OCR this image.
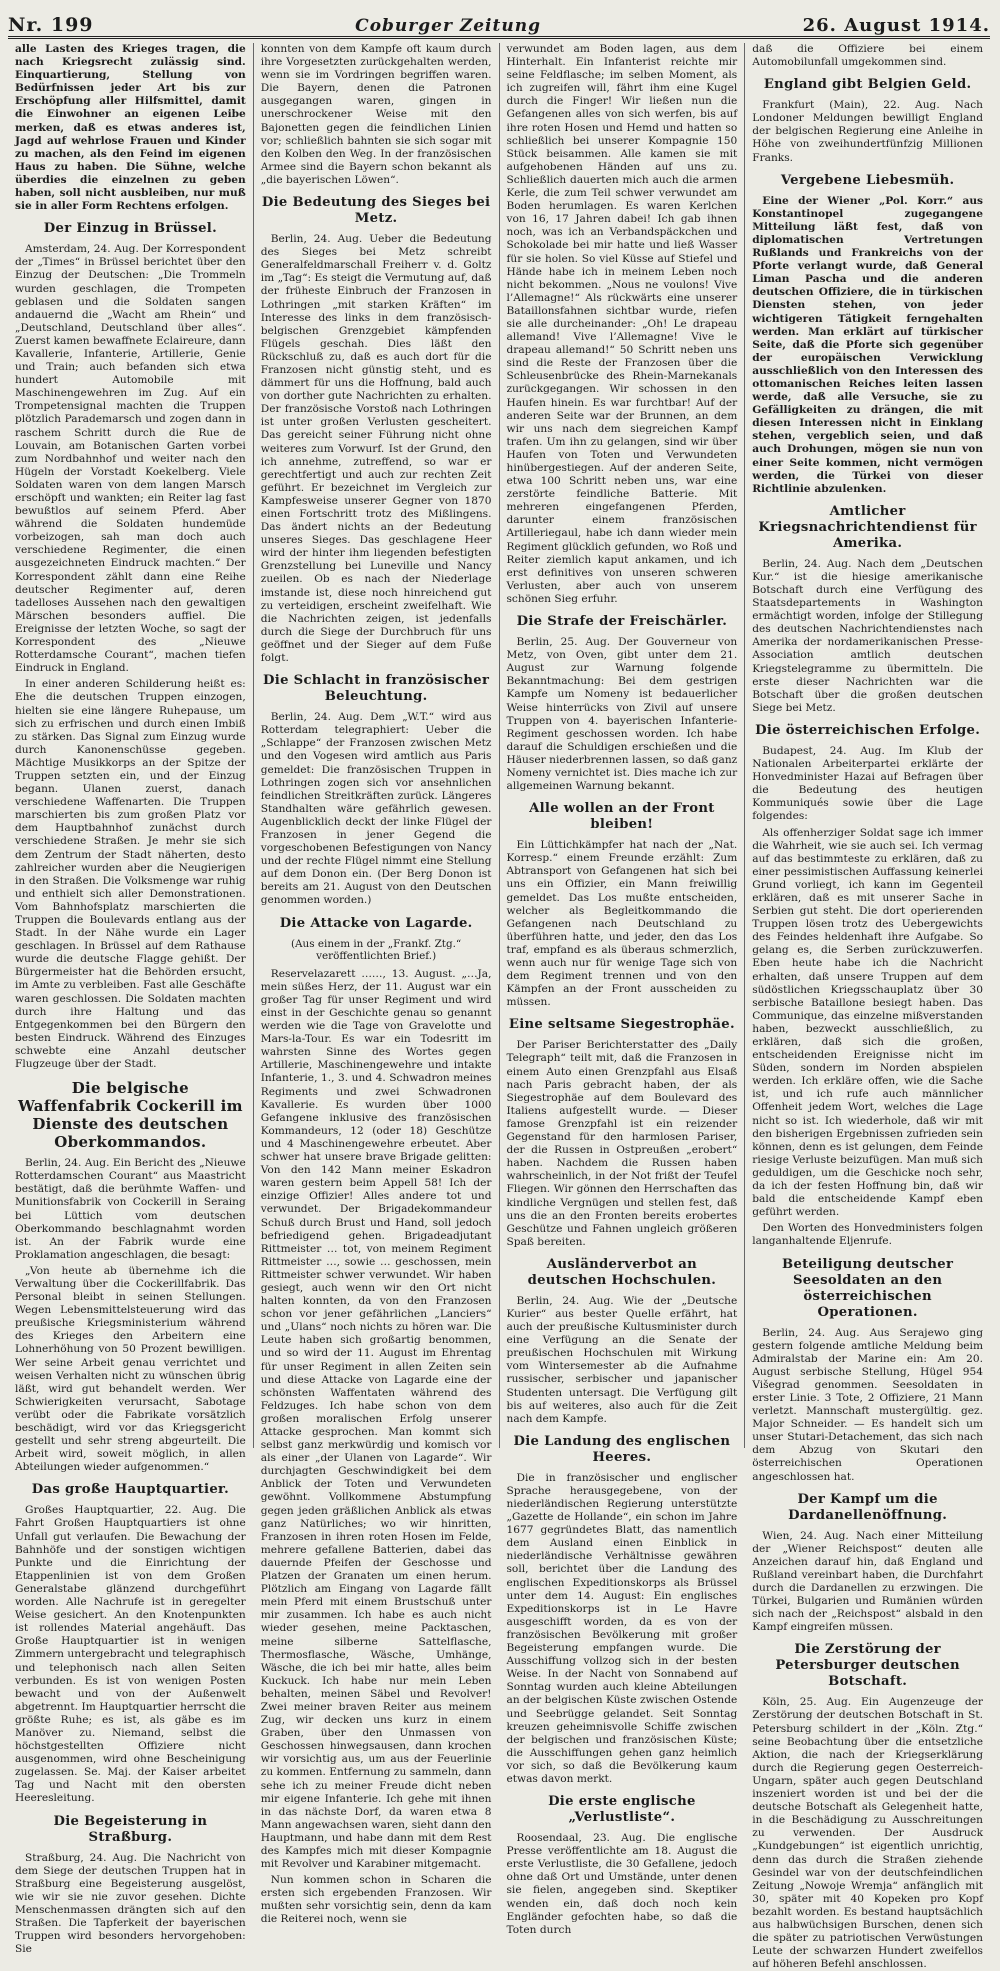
Nr. 199	Coburger Zeitung	26. August 1914.

alle Lasten des Krieges tragen, die nach Kriegsrecht zulässig sind. Einquartierung, Stellung von Bedürfnissen jeder Art bis zur Erschöpfung aller Hilfsmittel, damit die Einwohner an eigenen Leibe merken, daß es etwas anderes ist, Jagd auf wehrlose Frauen und Kinder zu machen, als den Feind im eigenen Haus zu haben. Die Sühne, welche überdies die einzelnen zu geben haben, soll nicht ausbleiben, nur muß sie in aller Form Rechtens erfolgen.

Der Einzug in Brüssel.

Amsterdam, 24. Aug. Der Korrespondent der „Times“ in Brüssel berichtet über den Einzug der Deutschen: „Die Trommeln wurden geschlagen, die Trompeten geblasen und die Soldaten sangen andauernd die „Wacht am Rhein“ und „Deutschland, Deutschland über alles“. Zuerst kamen bewaffnete Eclaireure, dann Kavallerie, Infanterie, Artillerie, Genie und Train; auch befanden sich etwa hundert Automobile mit Maschinengewehren im Zug. Auf ein Trompetensignal machten die Truppen plötzlich Parademarsch und zogen dann in raschem Schritt durch die Rue de Louvain, am Botanischen Garten vorbei zum Nordbahnhof und weiter nach den Hügeln der Vorstadt Koekelberg. Viele Soldaten waren von dem langen Marsch erschöpft und wankten; ein Reiter lag fast bewußtlos auf seinem Pferd. Aber während die Soldaten hundemüde vorbeizogen, sah man doch auch verschiedene Regimenter, die einen ausgezeichneten Eindruck machten.“ Der Korrespondent zählt dann eine Reihe deutscher Regimenter auf, deren tadelloses Aussehen nach den gewaltigen Märschen besonders auffiel. Die Ereignisse der letzten Woche, so sagt der Korrespondent des „Nieuwe Rotterdamsche Courant“, machen tiefen Eindruck in England.

In einer anderen Schilderung heißt es: Ehe die deutschen Truppen einzogen, hielten sie eine längere Ruhepause, um sich zu erfrischen und durch einen Imbiß zu stärken. Das Signal zum Einzug wurde durch Kanonenschüsse gegeben. Mächtige Musikkorps an der Spitze der Truppen setzten ein, und der Einzug begann. Ulanen zuerst, danach verschiedene Waffenarten. Die Truppen marschierten bis zum großen Platz vor dem Hauptbahnhof zunächst durch verschiedene Straßen. Je mehr sie sich dem Zentrum der Stadt näherten, desto zahlreicher wurden aber die Neugierigen in den Straßen. Die Volksmenge war ruhig und enthielt sich aller Demonstrationen. Vom Bahnhofsplatz marschierten die Truppen die Boulevards entlang aus der Stadt. In der Nähe wurde ein Lager geschlagen. In Brüssel auf dem Rathause wurde die deutsche Flagge gehißt. Der Bürgermeister hat die Behörden ersucht, im Amte zu verbleiben. Fast alle Geschäfte waren geschlossen. Die Soldaten machten durch ihre Haltung und das Entgegenkommen bei den Bürgern den besten Eindruck. Während des Einzuges schwebte eine Anzahl deutscher Flugzeuge über der Stadt.

Die belgische Waffenfabrik Cockerill im Dienste des deutschen Oberkommandos.

Berlin, 24. Aug. Ein Bericht des „Nieuwe Rotterdamschen Courant“ aus Maastricht bestätigt, daß die berühmte Waffen- und Munitionsfabrik von Cockerill in Seraing bei Lüttich vom deutschen Oberkommando beschlagnahmt worden ist. An der Fabrik wurde eine Proklamation angeschlagen, die besagt:

„Von heute ab übernehme ich die Verwaltung über die Cockerillfabrik. Das Personal bleibt in seinen Stellungen. Wegen Lebensmittelsteuerung wird das preußische Kriegsministerium während des Krieges den Arbeitern eine Lohnerhöhung von 50 Prozent bewilligen. Wer seine Arbeit genau verrichtet und weisen Verhalten nicht zu wünschen übrig läßt, wird gut behandelt werden. Wer Schwierigkeiten verursacht, Sabotage verübt oder die Fabrikate vorsätzlich beschädigt, wird vor das Kriegsgericht gestellt und sehr streng abgeurteilt. Die Arbeit wird, soweit möglich, in allen Abteilungen wieder aufgenommen.“

Das große Hauptquartier.

Großes Hauptquartier, 22. Aug. Die Fahrt Großen Hauptquartiers ist ohne Unfall gut verlaufen. Die Bewachung der Bahnhöfe und der sonstigen wichtigen Punkte und die Einrichtung der Etappenlinien ist von dem Großen Generalstabe glänzend durchgeführt worden. Alle Nachrufe ist in geregelter Weise gesichert. An den Knotenpunkten ist rollendes Material angehäuft. Das Große Hauptquartier ist in wenigen Zimmern untergebracht und telegraphisch und telephonisch nach allen Seiten verbunden. Es ist von wenigen Posten bewacht und von der Außenwelt abgetrennt. Im Hauptquartier herrscht die größte Ruhe; es ist, als gäbe es im Manöver zu. Niemand, selbst die höchstgestellten Offiziere nicht ausgenommen, wird ohne Bescheinigung zugelassen. Se. Maj. der Kaiser arbeitet Tag und Nacht mit den obersten Heeresleitung.

Die Begeisterung in Straßburg.

Straßburg, 24. Aug. Die Nachricht von dem Siege der deutschen Truppen hat in Straßburg eine Begeisterung ausgelöst, wie wir sie nie zuvor gesehen. Dichte Menschenmassen drängten sich auf den Straßen. Die Tapferkeit der bayerischen Truppen wird besonders hervorgehoben: Sie

konnten von dem Kampfe oft kaum durch ihre Vorgesetzten zurückgehalten werden, wenn sie im Vordringen begriffen waren. Die Bayern, denen die Patronen ausgegangen waren, gingen in unerschrockener Weise mit den Bajonetten gegen die feindlichen Linien vor; schließlich bahnten sie sich sogar mit den Kolben den Weg. In der französischen Armee sind die Bayern schon bekannt als „die bayerischen Löwen“.

Die Bedeutung des Sieges bei Metz.

Berlin, 24. Aug. Ueber die Bedeutung des Sieges bei Metz schreibt Generalfeldmarschall Freiherr v. d. Goltz im „Tag“: Es steigt die Vermutung auf, daß der früheste Einbruch der Franzosen in Lothringen „mit starken Kräften“ im Interesse des links in dem französisch-belgischen Grenzgebiet kämpfenden Flügels geschah. Dies läßt den Rückschluß zu, daß es auch dort für die Franzosen nicht günstig steht, und es dämmert für uns die Hoffnung, bald auch von dorther gute Nachrichten zu erhalten. Der französische Vorstoß nach Lothringen ist unter großen Verlusten gescheitert. Das gereicht seiner Führung nicht ohne weiteres zum Vorwurf. Ist der Grund, den ich annehme, zutreffend, so war er gerechtfertigt und auch zur rechten Zeit geführt. Er bezeichnet im Vergleich zur Kampfesweise unserer Gegner von 1870 einen Fortschritt trotz des Mißlingens. Das ändert nichts an der Bedeutung unseres Sieges. Das geschlagene Heer wird der hinter ihm liegenden befestigten Grenzstellung bei Luneville und Nancy zueilen. Ob es nach der Niederlage imstande ist, diese noch hinreichend gut zu verteidigen, erscheint zweifelhaft. Wie die Nachrichten zeigen, ist jedenfalls durch die Siege der Durchbruch für uns geöffnet und der Sieger auf dem Fuße folgt.

Die Schlacht in französischer Beleuchtung.

Berlin, 24. Aug. Dem „W.T.“ wird aus Rotterdam telegraphiert: Ueber die „Schlappe“ der Franzosen zwischen Metz und den Vogesen wird amtlich aus Paris gemeldet: Die französischen Truppen in Lothringen zogen sich vor ansehnlichen feindlichen Streitkräften zurück. Längeres Standhalten wäre gefährlich gewesen. Augenblicklich deckt der linke Flügel der Franzosen in jener Gegend die vorgeschobenen Befestigungen von Nancy und der rechte Flügel nimmt eine Stellung auf dem Donon ein. (Der Berg Donon ist bereits am 21. August von den Deutschen genommen worden.)

Die Attacke von Lagarde.
(Aus einem in der „Frankf. Ztg.“ veröffentlichten Brief.)

Reservelazarett ……, 13. August. „…Ja, mein süßes Herz, der 11. August war ein großer Tag für unser Regiment und wird einst in der Geschichte genau so genannt werden wie die Tage von Gravelotte und Mars-la-Tour. Es war ein Todesritt im wahrsten Sinne des Wortes gegen Artillerie, Maschinengewehre und intakte Infanterie, 1., 3. und 4. Schwadron meines Regiments und zwei Schwadronen Kavallerie. Es wurden über 1000 Gefangene inklusive des französischen Kommandeurs, 12 (oder 18) Geschütze und 4 Maschinengewehre erbeutet. Aber schwer hat unsere brave Brigade gelitten: Von den 142 Mann meiner Eskadron waren gestern beim Appell 58! Ich der einzige Offizier! Alles andere tot und verwundet. Der Brigadekommandeur Schuß durch Brust und Hand, soll jedoch befriedigend gehen. Brigadeadjutant Rittmeister … tot, von meinem Regiment Rittmeister …, sowie … geschossen, mein Rittmeister schwer verwundet. Wir haben gesiegt, auch wenn wir den Ort nicht halten konnten, da von den Franzosen schon vor jener gefährlichen „Lanciers“ und „Ulans“ noch nichts zu hören war. Die Leute haben sich großartig benommen, und so wird der 11. August im Ehrentag für unser Regiment in allen Zeiten sein und diese Attacke von Lagarde eine der schönsten Waffentaten während des Feldzuges. Ich habe schon von dem großen moralischen Erfolg unserer Attacke gesprochen. Man kommt sich selbst ganz merkwürdig und komisch vor als einer „der Ulanen von Lagarde“. Wir durchjagten Geschwindigkeit bei dem Anblick der Toten und Verwundeten gewöhnt. Vollkommene Abstumpfung gegen jeden gräßlichen Anblick als etwas ganz Natürliches; wo wir hinritten, Franzosen in ihren roten Hosen im Felde, mehrere gefallene Batterien, dabei das dauernde Pfeifen der Geschosse und Platzen der Granaten um einen herum. Plötzlich am Eingang von Lagarde fällt mein Pferd mit einem Brustschuß unter mir zusammen. Ich habe es auch nicht wieder gesehen, meine Packtaschen, meine silberne Sattelflasche, Thermosflasche, Wäsche, Umhänge, Wäsche, die ich bei mir hatte, alles beim Kuckuck. Ich habe nur mein Leben behalten, meinen Säbel und Revolver! Zwei meiner braven Reiter aus meinem Zug, wir decken uns kurz in einem Graben, über den Unmassen von Geschossen hinwegsausen, dann krochen wir vorsichtig aus, um aus der Feuerlinie zu kommen. Entfernung zu sammeln, dann sehe ich zu meiner Freude dicht neben mir eigene Infanterie. Ich gehe mit ihnen in das nächste Dorf, da waren etwa 8 Mann angewachsen waren, sieht dann den Hauptmann, und habe dann mit dem Rest des Kampfes mich mit dieser Kompagnie mit Revolver und Karabiner mitgemacht.

Nun kommen schon in Scharen die ersten sich ergebenden Franzosen. Wir mußten sehr vorsichtig sein, denn da kam die Reiterei noch, wenn sie

verwundet am Boden lagen, aus dem Hinterhalt. Ein Infanterist reichte mir seine Feldflasche; im selben Moment, als ich zugreifen will, fährt ihm eine Kugel durch die Finger! Wir ließen nun die Gefangenen alles von sich werfen, bis auf ihre roten Hosen und Hemd und hatten so schließlich bei unserer Kompagnie 150 Stück beisammen. Alle kamen sie mit aufgehobenen Händen auf uns zu. Schließlich dauerten mich auch die armen Kerle, die zum Teil schwer verwundet am Boden herumlagen. Es waren Kerlchen von 16, 17 Jahren dabei! Ich gab ihnen noch, was ich an Verbandspäckchen und Schokolade bei mir hatte und ließ Wasser für sie holen. So viel Küsse auf Stiefel und Hände habe ich in meinem Leben noch nicht bekommen. „Nous ne voulons! Vive l’Allemagne!“ Als rückwärts eine unserer Bataillonsfahnen sichtbar wurde, riefen sie alle durcheinander: „Oh! Le drapeau allemand! Vive l’Allemagne! Vive le drapeau allemand!“ 50 Schritt neben uns sind die Reste der Franzosen über die Schleusenbrücke des Rhein-Marnekanals zurückgegangen. Wir schossen in den Haufen hinein. Es war furchtbar! Auf der anderen Seite war der Brunnen, an dem wir uns nach dem siegreichen Kampf trafen. Um ihn zu gelangen, sind wir über Haufen von Toten und Verwundeten hinübergestiegen. Auf der anderen Seite, etwa 100 Schritt neben uns, war eine zerstörte feindliche Batterie. Mit mehreren eingefangenen Pferden, darunter einem französischen Artilleriegaul, habe ich dann wieder mein Regiment glücklich gefunden, wo Roß und Reiter ziemlich kaput ankamen, und ich erst definitives von unseren schweren Verlusten, aber auch von unserem schönen Sieg erfuhr.

Die Strafe der Freischärler.

Berlin, 25. Aug. Der Gouverneur von Metz, von Oven, gibt unter dem 21. August zur Warnung folgende Bekanntmachung: Bei dem gestrigen Kampfe um Nomeny ist bedauerlicher Weise hinterrücks von Zivil auf unsere Truppen von 4. bayerischen Infanterie-Regiment geschossen worden. Ich habe darauf die Schuldigen erschießen und die Häuser niederbrennen lassen, so daß ganz Nomeny vernichtet ist. Dies mache ich zur allgemeinen Warnung bekannt.

Alle wollen an der Front bleiben!

Ein Lüttichkämpfer hat nach der „Nat. Korresp.“ einem Freunde erzählt: Zum Abtransport von Gefangenen hat sich bei uns ein Offizier, ein Mann freiwillig gemeldet. Das Los mußte entscheiden, welcher als Begleitkommando die Gefangenen nach Deutschland zu überführen hatte, und jeder, den das Los traf, empfand es als überaus schmerzlich, wenn auch nur für wenige Tage sich von dem Regiment trennen und von den Kämpfen an der Front ausscheiden zu müssen.

Eine seltsame Siegestrophäe.

Der Pariser Berichterstatter des „Daily Telegraph“ teilt mit, daß die Franzosen in einem Auto einen Grenzpfahl aus Elsaß nach Paris gebracht haben, der als Siegestrophäe auf dem Boulevard des Italiens aufgestellt wurde. — Dieser famose Grenzpfahl ist ein reizender Gegenstand für den harmlosen Pariser, der die Russen in Ostpreußen „erobert“ haben. Nachdem die Russen haben wahrscheinlich, in der Not frißt der Teufel Fliegen. Wir gönnen den Herrschaften das kindliche Vergnügen und stellen fest, daß uns die an den Fronten bereits erobertes Geschütze und Fahnen ungleich größeren Spaß bereiten.

Ausländerverbot an deutschen Hochschulen.

Berlin, 24. Aug. Wie der „Deutsche Kurier“ aus bester Quelle erfährt, hat auch der preußische Kultusminister durch eine Verfügung an die Senate der preußischen Hochschulen mit Wirkung vom Wintersemester ab die Aufnahme russischer, serbischer und japanischer Studenten untersagt. Die Verfügung gilt bis auf weiteres, also auch für die Zeit nach dem Kampfe.

Die Landung des englischen Heeres.

Die in französischer und englischer Sprache herausgegebene, von der niederländischen Regierung unterstützte „Gazette de Hollande“, ein schon im Jahre 1677 gegründetes Blatt, das namentlich dem Ausland einen Einblick in niederländische Verhältnisse gewähren soll, berichtet über die Landung des englischen Expeditionskorps als Brüssel unter dem 14. August: Ein englisches Expeditionskorps ist in Le Havre ausgeschifft worden, da es von der französischen Bevölkerung mit großer Begeisterung empfangen wurde. Die Ausschiffung vollzog sich in der besten Weise. In der Nacht von Sonnabend auf Sonntag wurden auch kleine Abteilungen an der belgischen Küste zwischen Ostende und Seebrügge gelandet. Seit Sonntag kreuzen geheimnisvolle Schiffe zwischen der belgischen und französischen Küste; die Ausschiffungen gehen ganz heimlich vor sich, so daß die Bevölkerung kaum etwas davon merkt.

Die erste englische „Verlustliste“.

Roosendaal, 23. Aug. Die englische Presse veröffentlichte am 18. August die erste Verlustliste, die 30 Gefallene, jedoch ohne daß Ort und Umstände, unter denen sie fielen, angegeben sind. Skeptiker wenden ein, daß doch noch kein Engländer gefochten habe, so daß die Toten durch

daß die Offiziere bei einem Automobilunfall umgekommen sind.

England gibt Belgien Geld.

Frankfurt (Main), 22. Aug. Nach Londoner Meldungen bewilligt England der belgischen Regierung eine Anleihe in Höhe von zweihundertfünfzig Millionen Franks.

Vergebene Liebesmüh.

Eine der Wiener „Pol. Korr.“ aus Konstantinopel zugegangene Mitteilung läßt fest, daß von diplomatischen Vertretungen Rußlands und Frankreichs von der Pforte verlangt wurde, daß General Liman Pascha und die anderen deutschen Offiziere, die in türkischen Diensten stehen, von jeder wichtigeren Tätigkeit ferngehalten werden. Man erklärt auf türkischer Seite, daß die Pforte sich gegenüber der europäischen Verwicklung ausschließlich von den Interessen des ottomanischen Reiches leiten lassen werde, daß alle Versuche, sie zu Gefälligkeiten zu drängen, die mit diesen Interessen nicht in Einklang stehen, vergeblich seien, und daß auch Drohungen, mögen sie nun von einer Seite kommen, nicht vermögen werden, die Türkei von dieser Richtlinie abzulenken.

Amtlicher Kriegsnachrichtendienst für Amerika.

Berlin, 24. Aug. Nach dem „Deutschen Kur.“ ist die hiesige amerikanische Botschaft durch eine Verfügung des Staatsdepartements in Washington ermächtigt worden, infolge der Stillegung des deutschen Nachrichtendienstes nach Amerika der nordamerikanischen Presse-Association amtlich deutschen Kriegstelegramme zu übermitteln. Die erste dieser Nachrichten war die Botschaft über die großen deutschen Siege bei Metz.

Die österreichischen Erfolge.

Budapest, 24. Aug. Im Klub der Nationalen Arbeiterpartei erklärte der Honvedminister Hazai auf Befragen über die Bedeutung des heutigen Kommuniqués sowie über die Lage folgendes:

Als offenherziger Soldat sage ich immer die Wahrheit, wie sie auch sei. Ich vermag auf das bestimmteste zu erklären, daß zu einer pessimistischen Auffassung keinerlei Grund vorliegt, ich kann im Gegenteil erklären, daß es mit unserer Sache in Serbien gut steht. Die dort operierenden Truppen lösen trotz des Uebergewichts des Feindes heldenhaft ihre Aufgabe. So gelang es, die Serben zurückzuwerfen. Eben heute habe ich die Nachricht erhalten, daß unsere Truppen auf dem südöstlichen Kriegsschauplatz über 30 serbische Bataillone besiegt haben. Das Communique, das einzelne mißverstanden haben, bezweckt ausschließlich, zu erklären, daß sich die großen, entscheidenden Ereignisse nicht im Süden, sondern im Norden abspielen werden. Ich erkläre offen, wie die Sache ist, und ich rufe auch männlicher Offenheit jedem Wort, welches die Lage nicht so ist. Ich wiederhole, daß wir mit den bisherigen Ergebnissen zufrieden sein können, denn es ist gelungen, dem Feinde riesige Verluste beizufügen. Man muß sich geduldigen, um die Geschicke noch sehr, da ich der festen Hoffnung bin, daß wir bald die entscheidende Kampf eben geführt werden.

Den Worten des Honvedministers folgen langanhaltende Eljenrufe.

Beteiligung deutscher Seesoldaten an den österreichischen Operationen.

Berlin, 24. Aug. Aus Serajewo ging gestern folgende amtliche Meldung beim Admiralstab der Marine ein: Am 20. August serbische Stellung, Hügel 954 Višegrad genommen. Seesoldaten in erster Linie. 3 Tote, 2 Offiziere, 21 Mann verletzt. Mannschaft mustergültig. gez. Major Schneider. — Es handelt sich um unser Stutari-Detachement, das sich nach dem Abzug von Skutari den österreichischen Operationen angeschlossen hat.

Der Kampf um die Dardanellenöffnung.

Wien, 24. Aug. Nach einer Mitteilung der „Wiener Reichspost“ deuten alle Anzeichen darauf hin, daß England und Rußland vereinbart haben, die Durchfahrt durch die Dardanellen zu erzwingen. Die Türkei, Bulgarien und Rumänien würden sich nach der „Reichspost“ alsbald in den Kampf eingreifen müssen.

Die Zerstörung der Petersburger deutschen Botschaft.

Köln, 25. Aug. Ein Augenzeuge der Zerstörung der deutschen Botschaft in St. Petersburg schildert in der „Köln. Ztg.“ seine Beobachtung über die entsetzliche Aktion, die nach der Kriegserklärung durch die Regierung gegen Oesterreich-Ungarn, später auch gegen Deutschland inszeniert worden ist und bei der die deutsche Botschaft als Gelegenheit hatte, in die Beschädigung zu Ausschreitungen zu verwenden. Der Ausdruck „Kundgebungen“ ist eigentlich unrichtig, denn das durch die Straßen ziehende Gesindel war von der deutschfeindlichen Zeitung „Nowoje Wremja“ anfänglich mit 30, später mit 40 Kopeken pro Kopf bezahlt worden. Es bestand hauptsächlich aus halbwüchsigen Burschen, denen sich die später zu patriotischen Verwüstungen Leute der schwarzen Hundert zweifellos auf höheren Befehl anschlossen.
